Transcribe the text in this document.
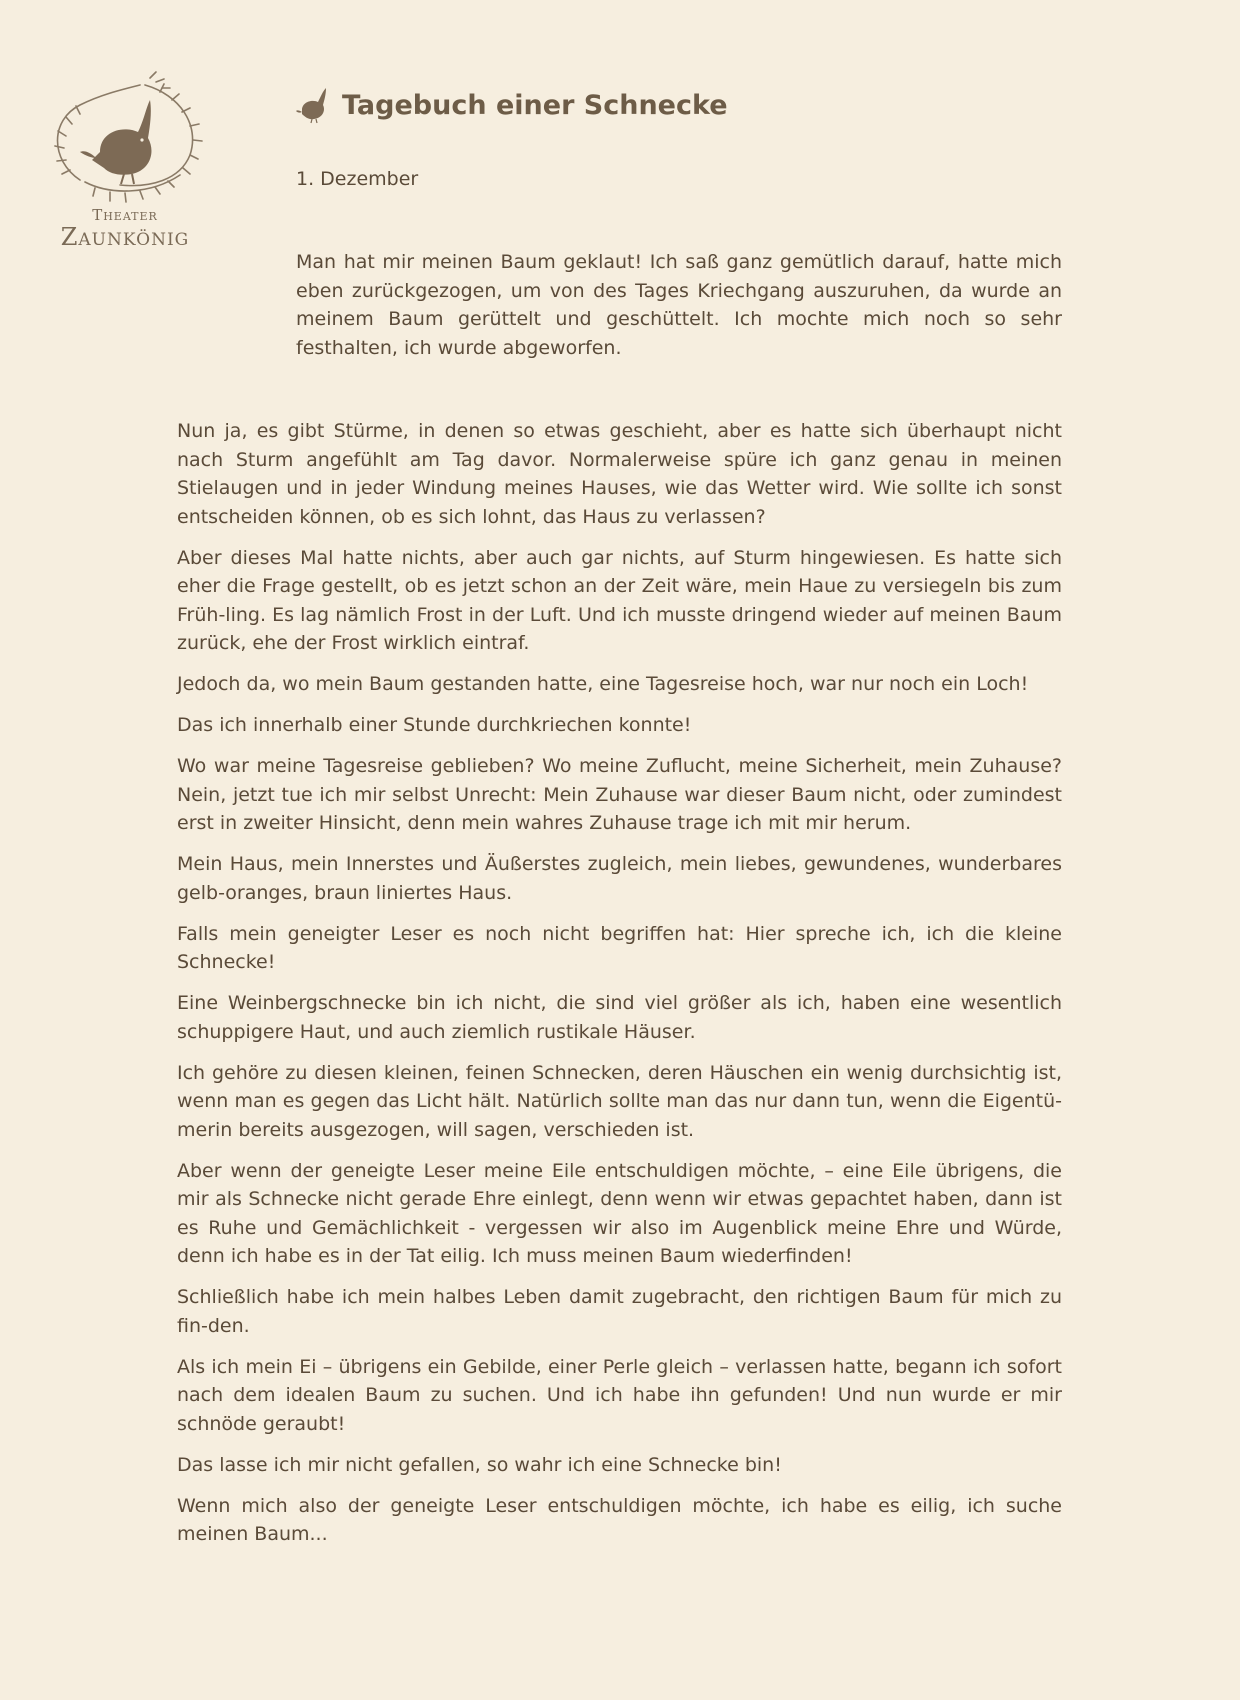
Theater
Zaunkönig
Tagebuch einer Schnecke
1. Dezember

Man hat mir meinen Baum geklaut! Ich saß ganz gemütlich darauf, hatte mich eben zurückgezogen, um von des Tages Kriechgang auszuruhen, da wurde an meinem Baum gerüttelt und geschüttelt. Ich mochte mich noch so sehr festhalten, ich wurde abgeworfen.

Nun ja, es gibt Stürme, in denen so etwas geschieht, aber es hatte sich überhaupt nicht nach Sturm angefühlt am Tag davor. Normalerweise spüre ich ganz genau in meinen Stielaugen und in jeder Windung meines Hauses, wie das Wetter wird. Wie sollte ich sonst entscheiden können, ob es sich lohnt, das Haus zu verlassen?

Aber dieses Mal hatte nichts, aber auch gar nichts, auf Sturm hingewiesen. Es hatte sich eher die Frage gestellt, ob es jetzt schon an der Zeit wäre, mein Haue zu versiegeln bis zum Früh-ling. Es lag nämlich Frost in der Luft. Und ich musste dringend wieder auf meinen Baum zurück, ehe der Frost wirklich eintraf.

Jedoch da, wo mein Baum gestanden hatte, eine Tagesreise hoch, war nur noch ein Loch!

Das ich innerhalb einer Stunde durchkriechen konnte!

Wo war meine Tagesreise geblieben? Wo meine Zuflucht, meine Sicherheit, mein Zuhause? Nein, jetzt tue ich mir selbst Unrecht: Mein Zuhause war dieser Baum nicht, oder zumindest erst in zweiter Hinsicht, denn mein wahres Zuhause trage ich mit mir herum.

Mein Haus, mein Innerstes und Äußerstes zugleich, mein liebes, gewundenes, wunderbares gelb-oranges, braun liniertes Haus.

Falls mein geneigter Leser es noch nicht begriffen hat: Hier spreche ich, ich die kleine Schnecke!

Eine Weinbergschnecke bin ich nicht, die sind viel größer als ich, haben eine wesentlich schuppigere Haut, und auch ziemlich rustikale Häuser.

Ich gehöre zu diesen kleinen, feinen Schnecken, deren Häuschen ein wenig durchsichtig ist, wenn man es gegen das Licht hält. Natürlich sollte man das nur dann tun, wenn die Eigentü-merin bereits ausgezogen, will sagen, verschieden ist.

Aber wenn der geneigte Leser meine Eile entschuldigen möchte, – eine Eile übrigens, die mir als Schnecke nicht gerade Ehre einlegt, denn wenn wir etwas gepachtet haben, dann ist es Ruhe und Gemächlichkeit - vergessen wir also im Augenblick meine Ehre und Würde, denn ich habe es in der Tat eilig. Ich muss meinen Baum wiederfinden!

Schließlich habe ich mein halbes Leben damit zugebracht, den richtigen Baum für mich zu fin-den.

Als ich mein Ei – übrigens ein Gebilde, einer Perle gleich – verlassen hatte, begann ich sofort nach dem idealen Baum zu suchen. Und ich habe ihn gefunden! Und nun wurde er mir schnöde geraubt!

Das lasse ich mir nicht gefallen, so wahr ich eine Schnecke bin!

Wenn mich also der geneigte Leser entschuldigen möchte, ich habe es eilig, ich suche meinen Baum...
